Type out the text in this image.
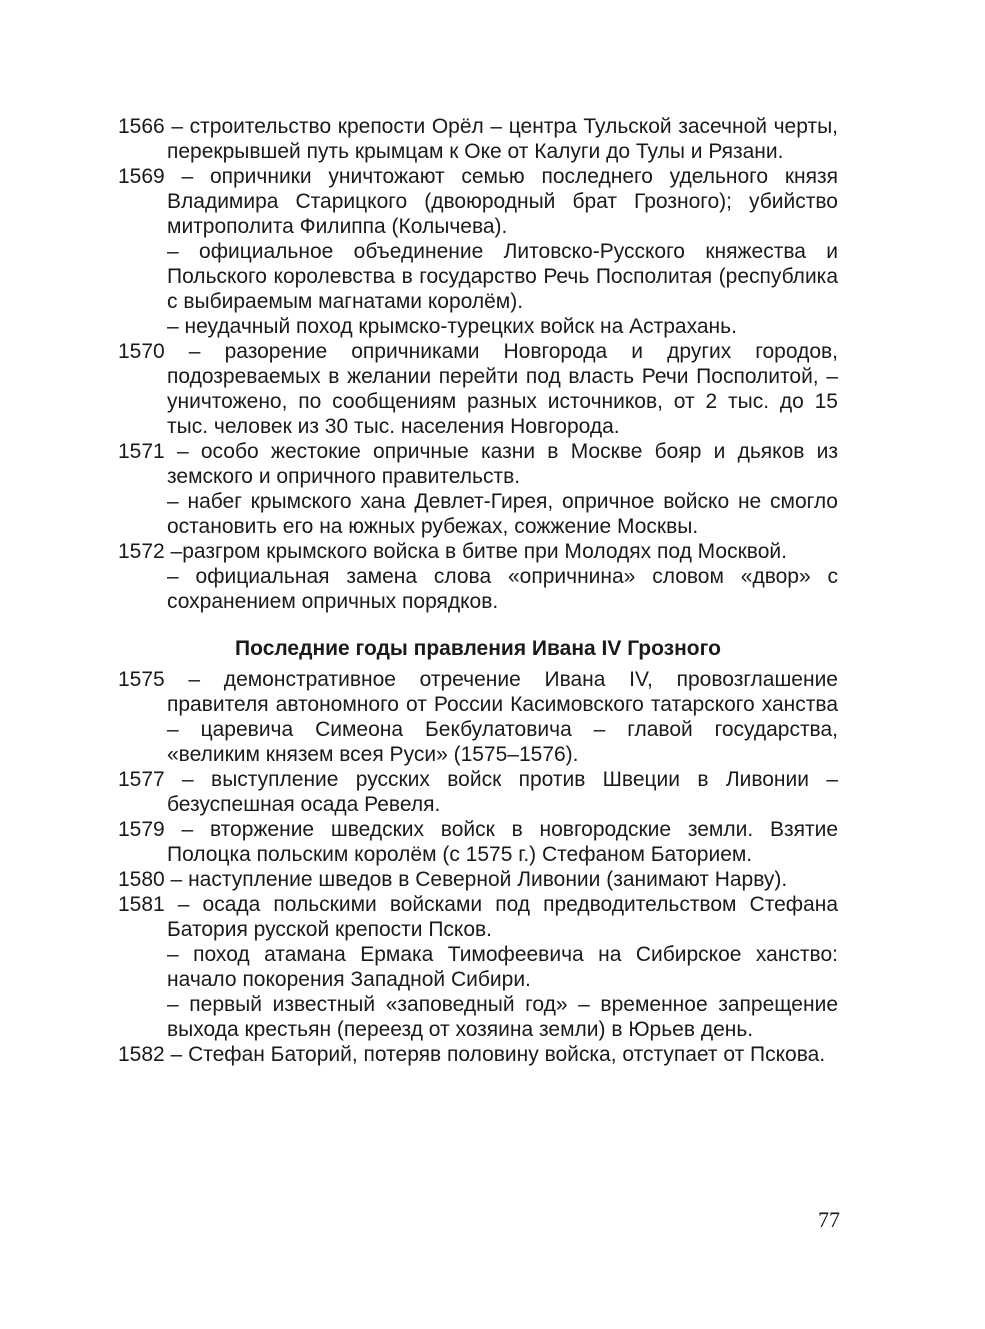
1566 – строительство крепости Орёл – центра Тульской засечной черты, перекрывшей путь крымцам к Оке от Калуги до Тулы и Рязани.

1569 – опричники уничтожают семью последнего удельного князя Владимира Старицкого (двоюродный брат Грозного); убийство митрополита Филиппа (Колычева).

– официальное объединение Литовско-Русского княжества и Польского королевства в государство Речь Посполитая (республика с выбираемым магнатами королём).

– неудачный поход крымско-турецких войск на Астрахань.

1570 – разорение опричниками Новгорода и других городов, подозреваемых в желании перейти под власть Речи Посполитой, – уничтожено, по сообщениям разных источников, от 2 тыс. до 15 тыс. человек из 30 тыс. населения Новгорода.

1571 – особо жестокие опричные казни в Москве бояр и дьяков из земского и опричного правительств.

– набег крымского хана Девлет-Гирея, опричное войско не смогло остановить его на южных рубежах, сожжение Москвы.

1572 –разгром крымского войска в битве при Молодях под Москвой.

– официальная замена слова «опричнина» словом «двор» с сохранением опричных порядков.

Последние годы правления Ивана IV Грозного

1575 – демонстративное отречение Ивана IV, провозглашение правителя автономного от России Касимовского татарского ханства – царевича Симеона Бекбулатовича – главой государства, «великим князем всея Руси» (1575–1576).

1577 – выступление русских войск против Швеции в Ливонии – безуспешная осада Ревеля.

1579 – вторжение шведских войск в новгородские земли. Взятие Полоцка польским королём (с 1575 г.) Стефаном Баторием.

1580 – наступление шведов в Северной Ливонии (занимают Нарву).

1581 – осада польскими войсками под предводительством Стефана Батория русской крепости Псков.

– поход атамана Ермака Тимофеевича на Сибирское ханство: начало покорения Западной Сибири.

– первый известный «заповедный год» – временное запрещение выхода крестьян (переезд от хозяина земли) в Юрьев день.

1582 – Стефан Баторий, потеряв половину войска, отступает от Пскова.

77
